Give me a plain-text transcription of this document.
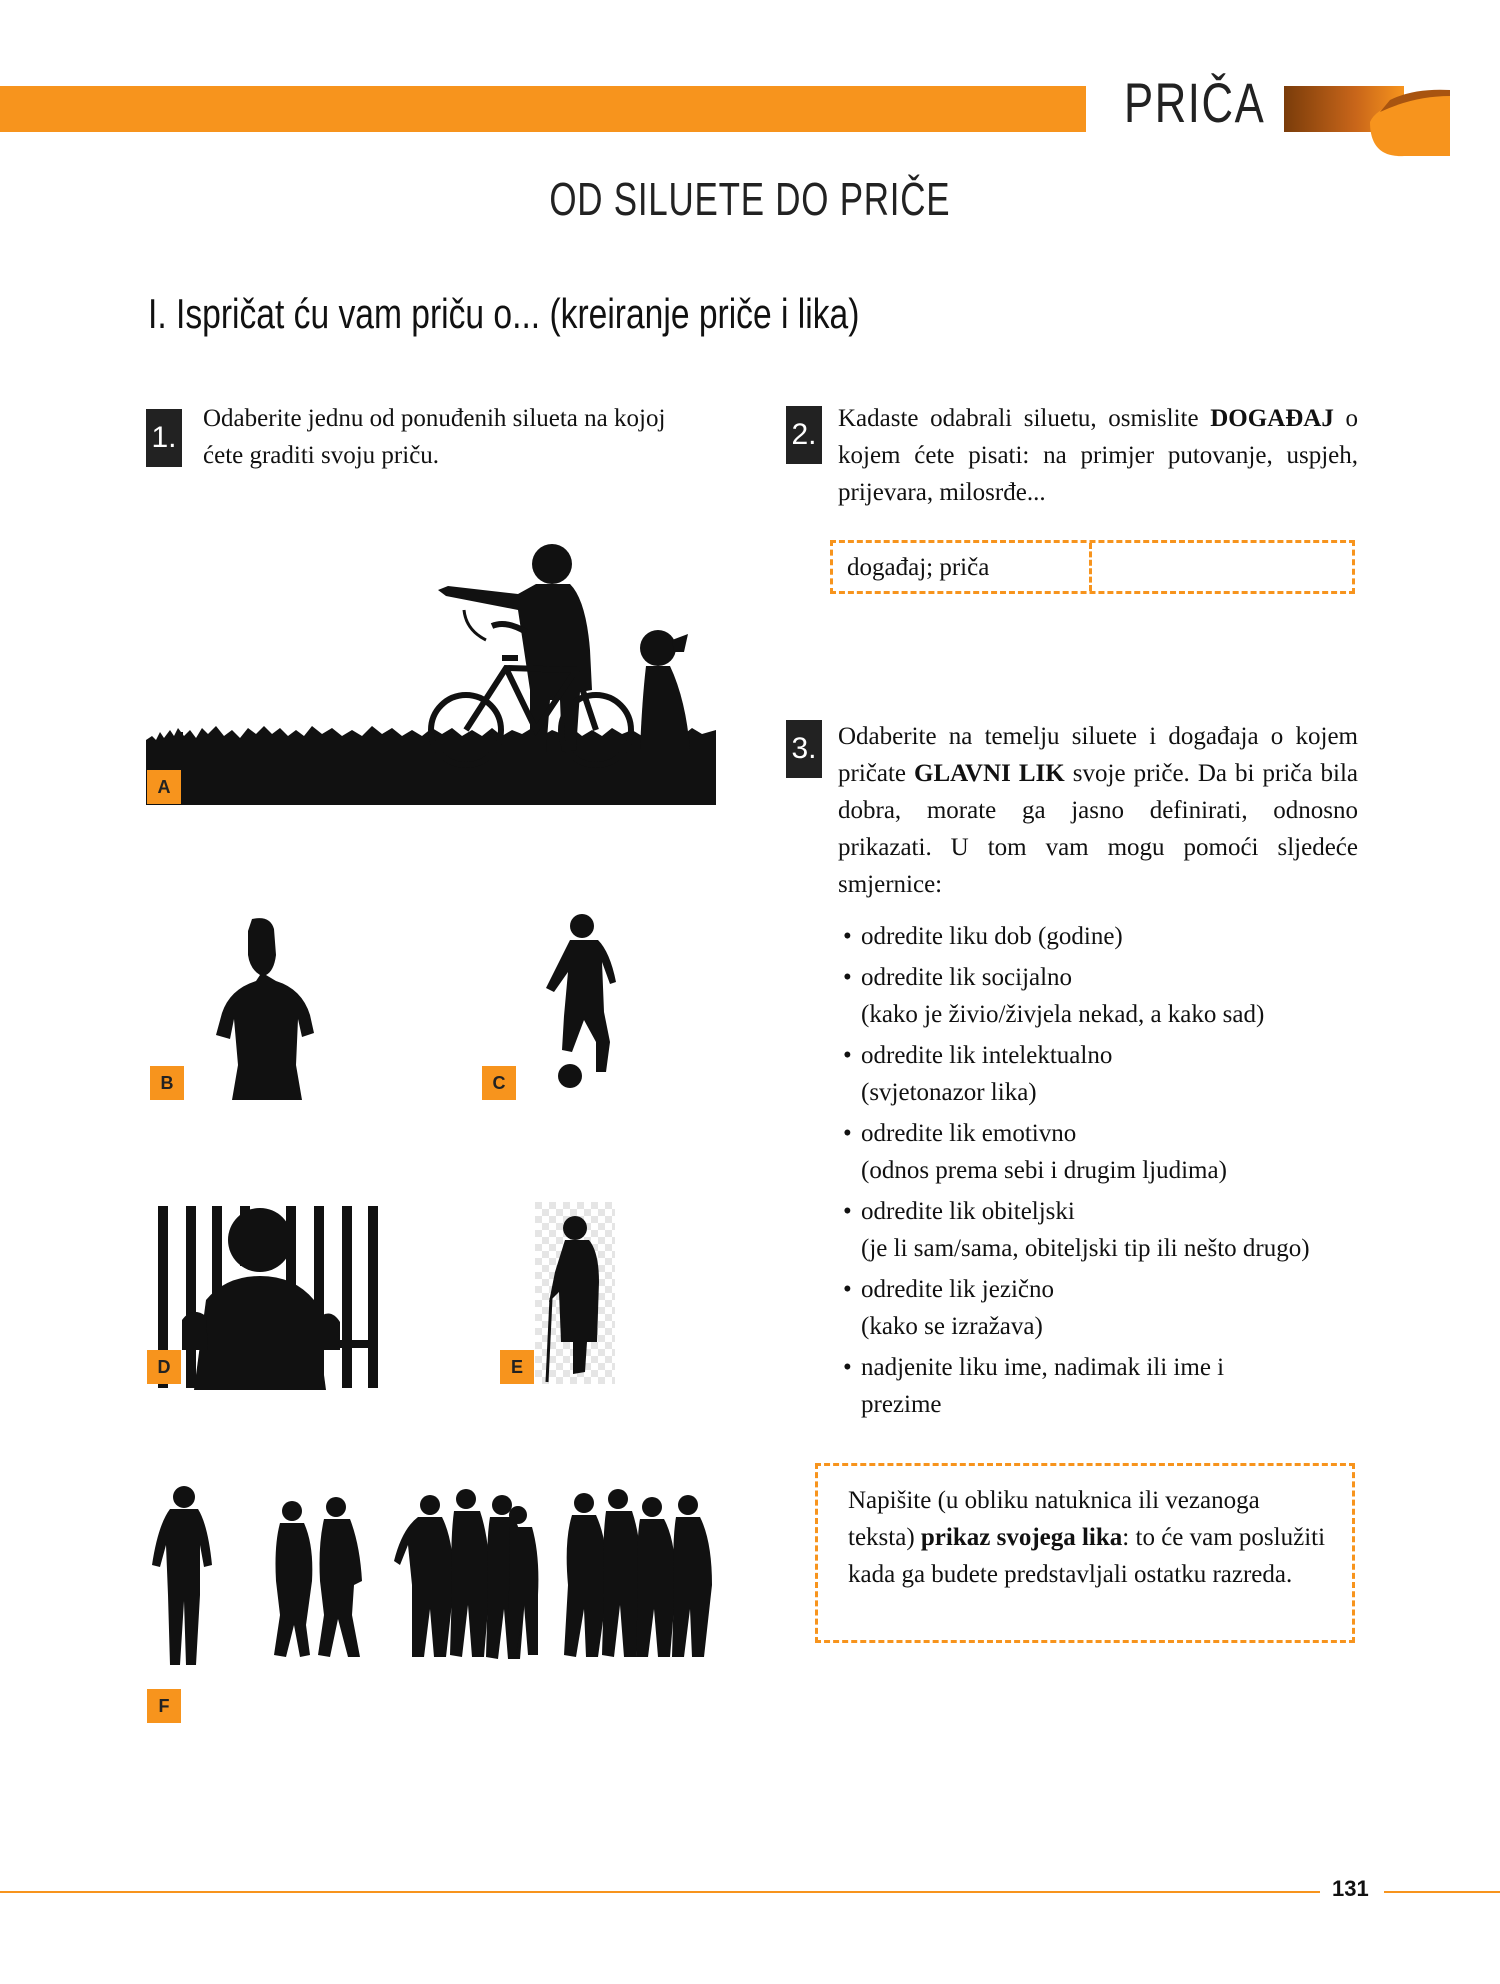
PRIČA
OD SILUETE DO PRIČE
I. Ispričat ću vam priču o... (kreiranje priče i lika)
1.
Odaberite jednu od ponuđenih silueta na kojoj ćete graditi svoju priču.
2. Kadaste odabrali siluetu, osmislite DOGAĐAJ o kojem ćete pisati: na primjer putovanje, uspjeh, prijevara, milosrđe...
događaj; priča
A
B	C
D	E
F
3. Odaberite na temelju siluete i događaja o kojem pričate GLAVNI LIK svoje priče. Da bi priča bila dobra, morate ga jasno definirati, odnosno prikazati. U tom vam mogu pomoći sljedeće smjernice:
• odredite liku dob (godine)
• odredite lik socijalno
(kako je živio/živjela nekad, a kako sad)
• odredite lik intelektualno
(svjetonazor lika)
• odredite lik emotivno
(odnos prema sebi i drugim ljudima)
• odredite lik obiteljski
(je li sam/sama, obiteljski tip ili nešto drugo)
• odredite lik jezično
(kako se izražava)
• nadjenite liku ime, nadimak ili ime i
prezime
Napišite (u obliku natuknica ili vezanoga teksta) prikaz svojega lika: to će vam poslužiti kada ga budete predstavljali ostatku razreda.
131
